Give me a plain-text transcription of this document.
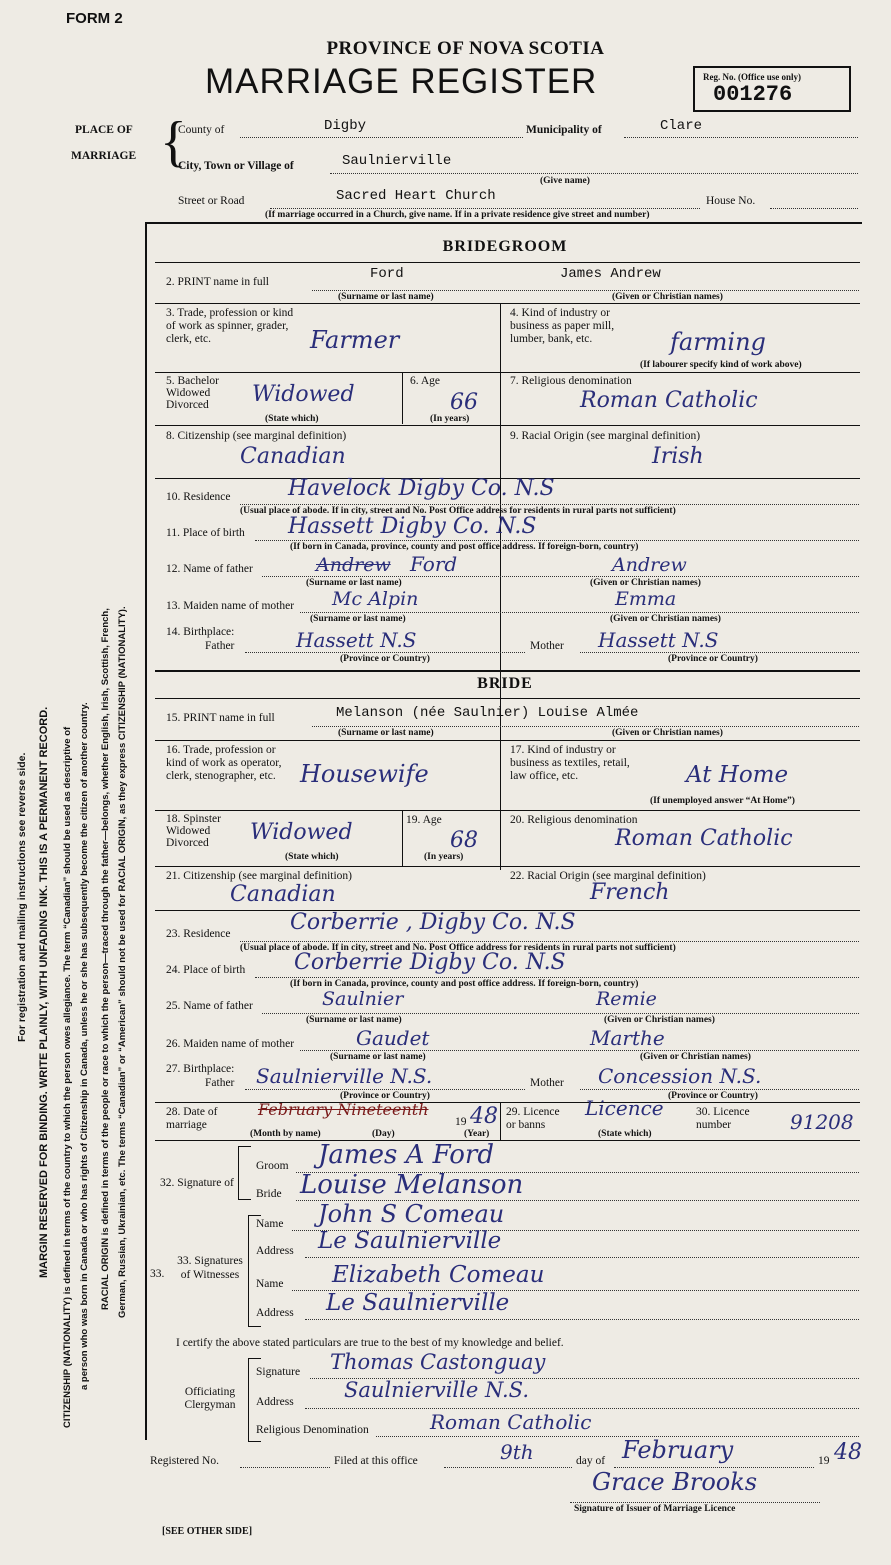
FORM 2
PROVINCE OF NOVA SCOTIA
MARRIAGE REGISTER	Reg. No. (Office use only)
001276
MARGIN RESERVED FOR BINDING. WRITE PLAINLY, WITH UNFADING INK. THIS IS A PERMANENT RECORD.
For registration and mailing instructions see reverse side.	CITIZENSHIP (NATIONALITY) is defined in terms of the country to which the person owes allegiance. The term “Canadian” should be used as descriptive of a person who was born in Canada or who has rights of Citizenship in Canada, unless he or she has subsequently become the citizen of another country. RACIAL ORIGIN is defined in terms of the people or race to which the person—traced through the father—belongs, whether English, Irish, Scottish, French, German, Russian, Ukrainian, etc. The terms “Canadian” or “American” should not be used for RACIAL ORIGIN, as they express CITIZENSHIP (NATIONALITY).
PLACE OF
MARRIAGE {
County of	Digby	Municipality of	Clare
City, Town or Village of	Saulnierville
(Give name)
Street or Road	Sacred Heart Church	House No.
(If marriage occurred in a Church, give name. If in a private residence give street and number)
BRIDEGROOM
2. PRINT name in full	Ford	James Andrew
(Surname or last name)	(Given or Christian names)
3. Trade, profession or kind of work as spinner, grader, clerk, etc.	Farmer
4. Kind of industry or business as paper mill, lumber, bank, etc.	farming
(If labourer specify kind of work above)
5. Bachelor Widowed Divorced	Widowed
(State which)
6. Age
66
(In years)
7. Religious denomination
Roman Catholic
8. Citizenship (see marginal definition)
Canadian
9. Racial Origin (see marginal definition)
Irish
10. Residence	Havelock Digby Co. N.S
(Usual place of abode. If in city, street and No. Post Office address for residents in rural parts not sufficient)
11. Place of birth Hassett Digby Co. N.S
(If born in Canada, province, county and post office address. If foreign-born, country)
12. Name of father	Andrew Ford	Andrew
(Surname or last name)	(Given or Christian names)
13. Maiden name of mother Mc Alpin	Emma
(Surname or last name)	(Given or Christian names)
14. Birthplace:
Father	Hassett N.S	Mother Hassett N.S
(Province or Country)	(Province or Country)
BRIDE
15. PRINT name in full	Melanson (née Saulnier) Louise Almée
(Surname or last name)	(Given or Christian names)
16. Trade, profession or kind of work as operator, clerk, stenographer, etc.	Housewife
17. Kind of industry or business as textiles, retail, law office, etc.	At Home
(If unemployed answer “At Home”)
18. Spinster Widowed Divorced	Widowed
(State which)
19. Age
68
(In years)
20. Religious denomination
Roman Catholic
21. Citizenship (see marginal definition)
Canadian
22. Racial Origin (see marginal definition)
French
23. Residence	Corberrie , Digby Co. N.S
(Usual place of abode. If in city, street and No. Post Office address for residents in rural parts not sufficient)
24. Place of birth Corberrie Digby Co. N.S
(If born in Canada, province, county and post office address. If foreign-born, country)
25. Name of father	Saulnier	Remie
(Surname or last name)	(Given or Christian names)
26. Maiden name of mother	Gaudet	Marthe
(Surname or last name)	(Given or Christian names)
27. Birthplace:
Father Saulnierville N.S.	Mother Concession N.S.
(Province or Country)	(Province or Country)
28. Date of marriage
February Nineteenth
19 48
(Month by name)	(Day)	(Year)
29. Licence or banns
Licence
(State which)
30. Licence number	91208
32. Signature of
Groom James A Ford
Bride Louise Melanson
33.
33. Signatures of Witnesses
Name John S Comeau
Address Le Saulnierville
Name Elizabeth Comeau
Address Le Saulnierville
I certify the above stated particulars are true to the best of my knowledge and belief.
Officiating Clergyman
Signature Thomas Castonguay
Address Saulnierville N.S.
Religious Denomination	Roman Catholic
Registered No.	Filed at this office	9th	day of February	19 48
Grace Brooks
Signature of Issuer of Marriage Licence
[SEE OTHER SIDE]
